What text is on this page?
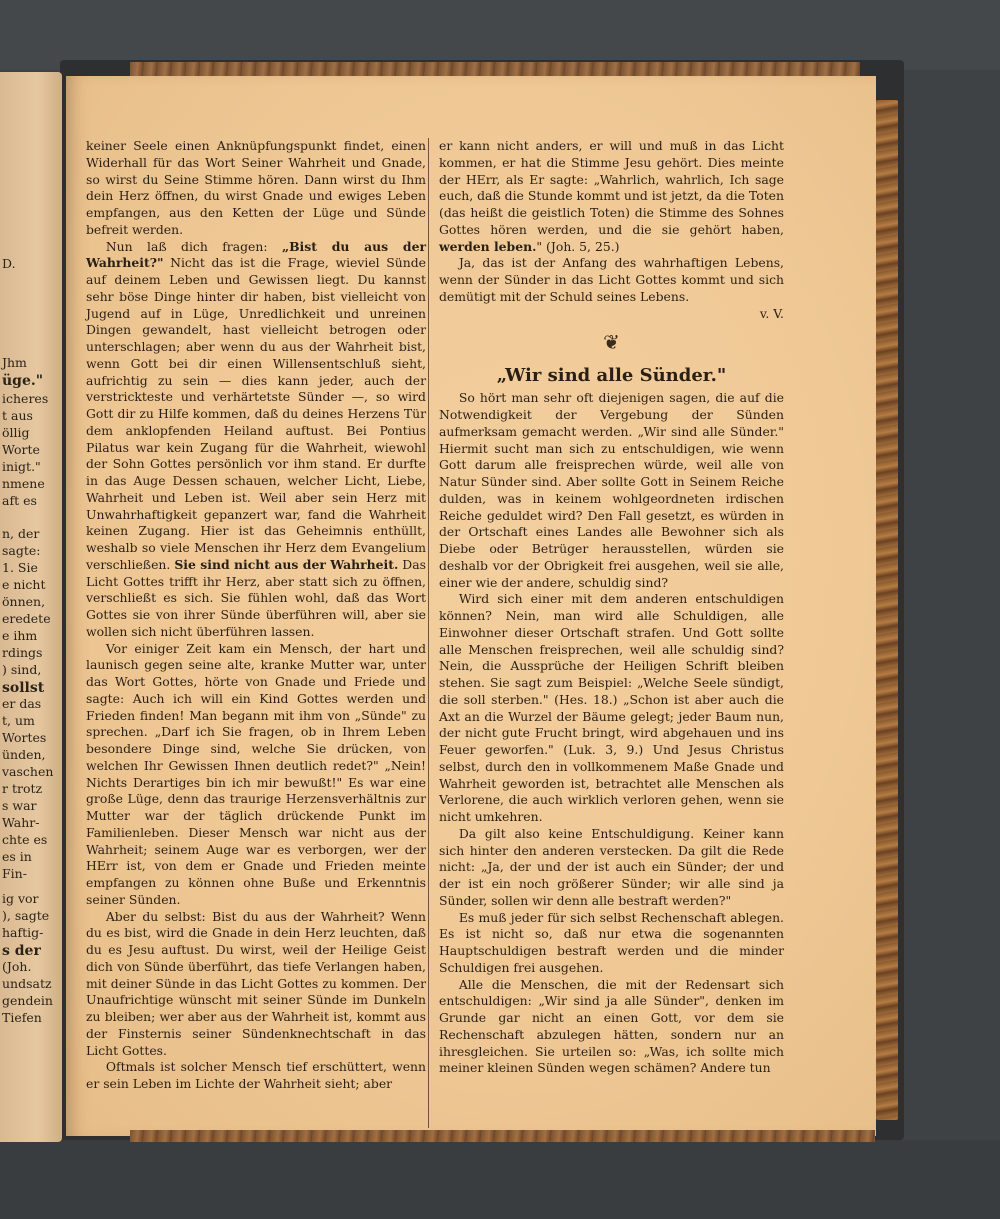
D.
Jhm
üge."
icheres
t aus
öllig
Worte
inigt."
nmene
aft es
n, der
sagte:
1. Sie
e nicht
önnen,
eredete
e ihm
rdings
) sind,
sollst
er das
t, um
Wortes
ünden,
vaschen
r trotz
s war
Wahr-
chte es
es in
Fin-
ig vor
), sagte
haftig-
s der
(Joh.
undsatz
gendein
Tiefen

keiner Seele einen Anknüpfungspunkt findet, einen Widerhall für das Wort Seiner Wahrheit und Gnade, so wirst du Seine Stimme hören. Dann wirst du Ihm dein Herz öffnen, du wirst Gnade und ewiges Leben empfangen, aus den Ketten der Lüge und Sünde befreit werden.

Nun laß dich fragen: „Bist du aus der Wahrheit?" Nicht das ist die Frage, wieviel Sünde auf deinem Leben und Gewissen liegt. Du kannst sehr böse Dinge hinter dir haben, bist vielleicht von Jugend auf in Lüge, Unredlichkeit und unreinen Dingen gewandelt, hast vielleicht betrogen oder unterschlagen; aber wenn du aus der Wahrheit bist, wenn Gott bei dir einen Willensentschluß sieht, aufrichtig zu sein — dies kann jeder, auch der verstrickteste und verhärtetste Sünder —, so wird Gott dir zu Hilfe kommen, daß du deines Herzens Tür dem anklopfenden Heiland auftust. Bei Pontius Pilatus war kein Zugang für die Wahrheit, wiewohl der Sohn Gottes persönlich vor ihm stand. Er durfte in das Auge Dessen schauen, welcher Licht, Liebe, Wahrheit und Leben ist. Weil aber sein Herz mit Unwahrhaftigkeit gepanzert war, fand die Wahrheit keinen Zugang. Hier ist das Geheimnis enthüllt, weshalb so viele Menschen ihr Herz dem Evangelium verschließen. Sie sind nicht aus der Wahrheit. Das Licht Gottes trifft ihr Herz, aber statt sich zu öffnen, verschließt es sich. Sie fühlen wohl, daß das Wort Gottes sie von ihrer Sünde überführen will, aber sie wollen sich nicht überführen lassen.

Vor einiger Zeit kam ein Mensch, der hart und launisch gegen seine alte, kranke Mutter war, unter das Wort Gottes, hörte von Gnade und Friede und sagte: Auch ich will ein Kind Gottes werden und Frieden finden! Man begann mit ihm von „Sünde" zu sprechen. „Darf ich Sie fragen, ob in Ihrem Leben besondere Dinge sind, welche Sie drücken, von welchen Ihr Gewissen Ihnen deutlich redet?" „Nein! Nichts Derartiges bin ich mir bewußt!" Es war eine große Lüge, denn das traurige Herzensverhältnis zur Mutter war der täglich drückende Punkt im Familienleben. Dieser Mensch war nicht aus der Wahrheit; seinem Auge war es verborgen, wer der HErr ist, von dem er Gnade und Frieden meinte empfangen zu können ohne Buße und Erkenntnis seiner Sünden.

Aber du selbst: Bist du aus der Wahrheit? Wenn du es bist, wird die Gnade in dein Herz leuchten, daß du es Jesu auftust. Du wirst, weil der Heilige Geist dich von Sünde überführt, das tiefe Verlangen haben, mit deiner Sünde in das Licht Gottes zu kommen. Der Unaufrichtige wünscht mit seiner Sünde im Dunkeln zu bleiben; wer aber aus der Wahrheit ist, kommt aus der Finsternis seiner Sündenknechtschaft in das Licht Gottes.

Oftmals ist solcher Mensch tief erschüttert, wenn er sein Leben im Lichte der Wahrheit sieht; aber

er kann nicht anders, er will und muß in das Licht kommen, er hat die Stimme Jesu gehört. Dies meinte der HErr, als Er sagte: „Wahrlich, wahrlich, Ich sage euch, daß die Stunde kommt und ist jetzt, da die Toten (das heißt die geistlich Toten) die Stimme des Sohnes Gottes hören werden, und die sie gehört haben, werden leben." (Joh. 5, 25.)

Ja, das ist der Anfang des wahrhaftigen Lebens, wenn der Sünder in das Licht Gottes kommt und sich demütigt mit der Schuld seines Lebens.

v. V.

❦

„Wir sind alle Sünder."

So hört man sehr oft diejenigen sagen, die auf die Notwendigkeit der Vergebung der Sünden aufmerksam gemacht werden. „Wir sind alle Sünder." Hiermit sucht man sich zu entschuldigen, wie wenn Gott darum alle freisprechen würde, weil alle von Natur Sünder sind. Aber sollte Gott in Seinem Reiche dulden, was in keinem wohlgeordneten irdischen Reiche geduldet wird? Den Fall gesetzt, es würden in der Ortschaft eines Landes alle Bewohner sich als Diebe oder Betrüger herausstellen, würden sie deshalb vor der Obrigkeit frei ausgehen, weil sie alle, einer wie der andere, schuldig sind?

Wird sich einer mit dem anderen entschuldigen können? Nein, man wird alle Schuldigen, alle Einwohner dieser Ortschaft strafen. Und Gott sollte alle Menschen freisprechen, weil alle schuldig sind? Nein, die Aussprüche der Heiligen Schrift bleiben stehen. Sie sagt zum Beispiel: „Welche Seele sündigt, die soll sterben." (Hes. 18.) „Schon ist aber auch die Axt an die Wurzel der Bäume gelegt; jeder Baum nun, der nicht gute Frucht bringt, wird abgehauen und ins Feuer geworfen." (Luk. 3, 9.) Und Jesus Christus selbst, durch den in vollkommenem Maße Gnade und Wahrheit geworden ist, betrachtet alle Menschen als Verlorene, die auch wirklich verloren gehen, wenn sie nicht umkehren.

Da gilt also keine Entschuldigung. Keiner kann sich hinter den anderen verstecken. Da gilt die Rede nicht: „Ja, der und der ist auch ein Sünder; der und der ist ein noch größerer Sünder; wir alle sind ja Sünder, sollen wir denn alle bestraft werden?"

Es muß jeder für sich selbst Rechenschaft ablegen. Es ist nicht so, daß nur etwa die sogenannten Hauptschuldigen bestraft werden und die minder Schuldigen frei ausgehen.

Alle die Menschen, die mit der Redensart sich entschuldigen: „Wir sind ja alle Sünder", denken im Grunde gar nicht an einen Gott, vor dem sie Rechenschaft abzulegen hätten, sondern nur an ihresgleichen. Sie urteilen so: „Was, ich sollte mich meiner kleinen Sünden wegen schämen? Andere tun
